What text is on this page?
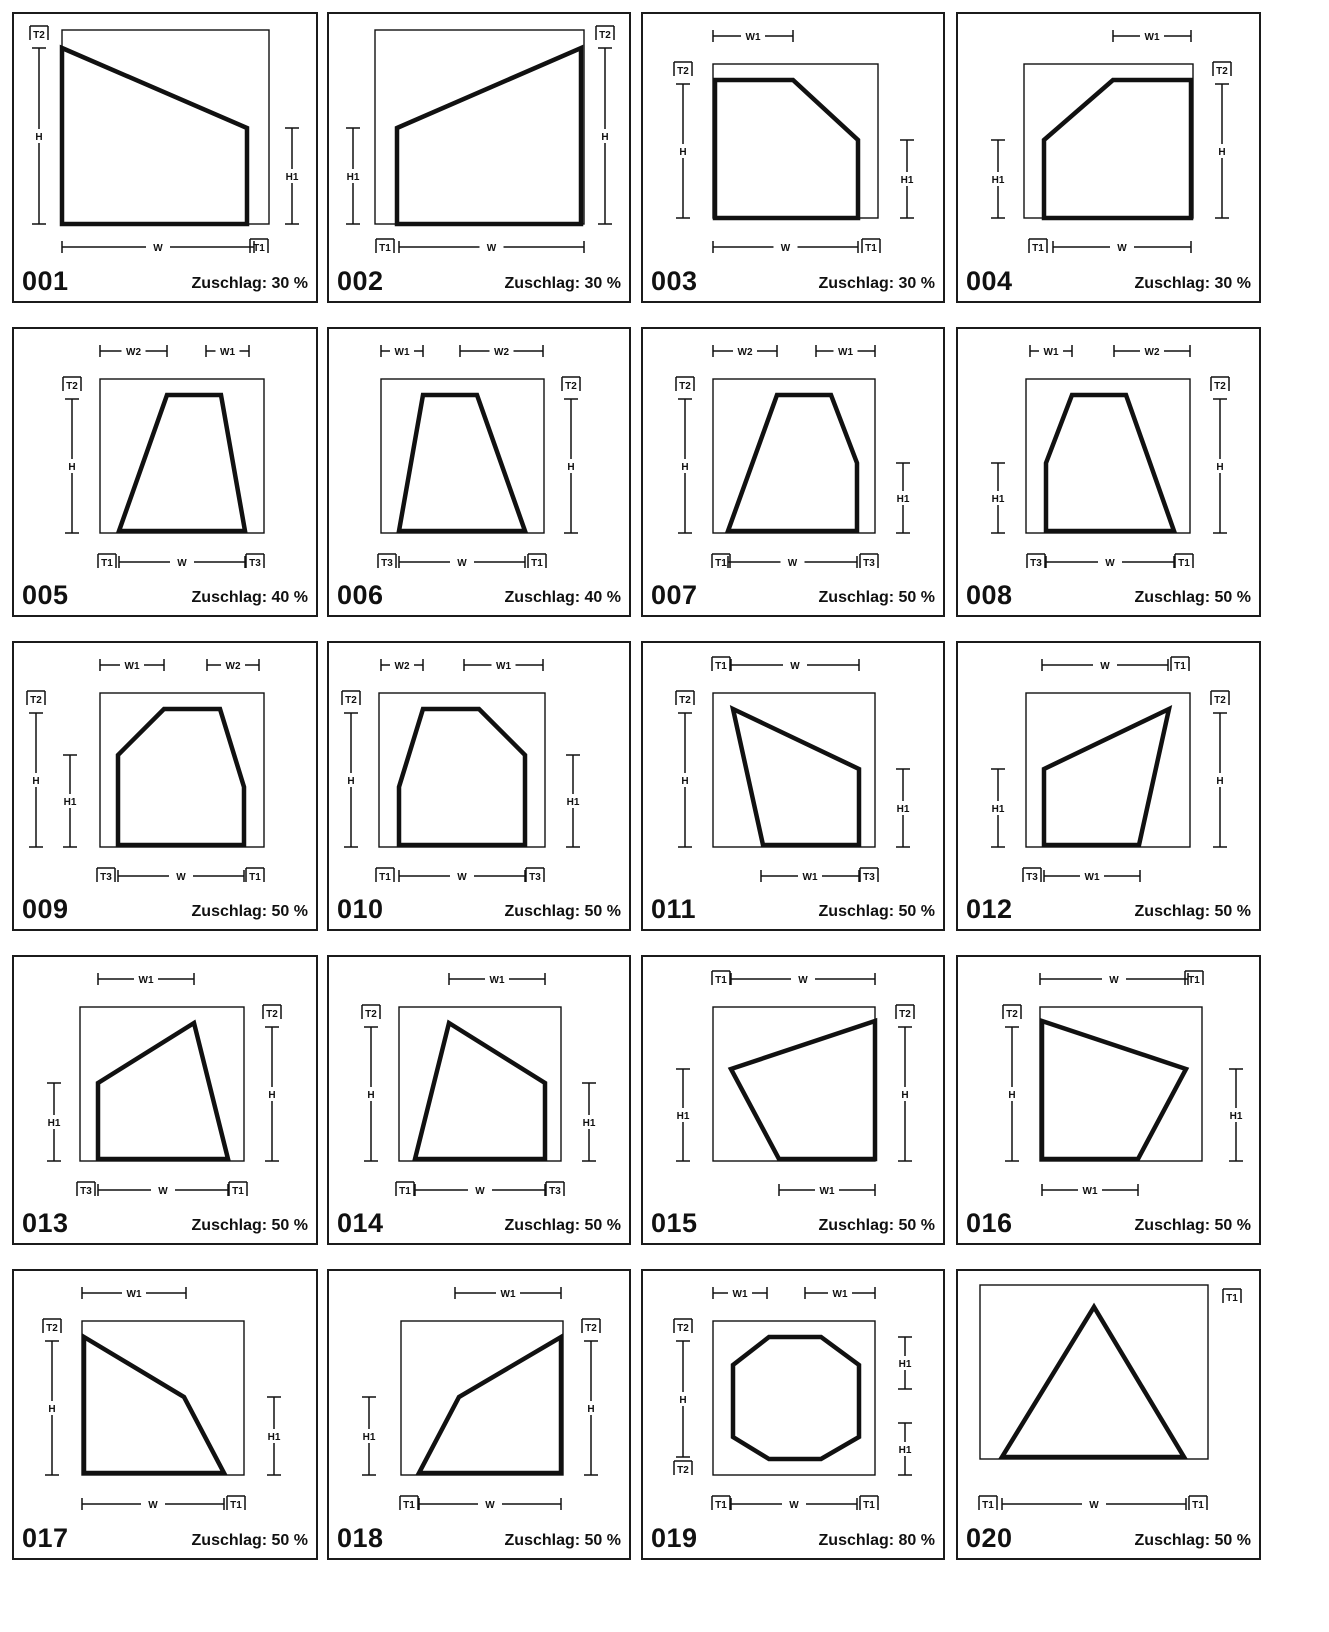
T2
H
H1
W	T1
001	Zuschlag: 30 %
T2
H
H1
T1	W
002	Zuschlag: 30 %
W1
T2
H
H1
W	T1
003	Zuschlag: 30 %
W1
T2
H
H1
T1	W
004	Zuschlag: 30 %
W2	W1
T2
H
T1	W	T3
005	Zuschlag: 40 %
W1	W2
T2
H
T3	W	T1
006	Zuschlag: 40 %
W2	W1
T2
H
H1
T1	W	T3
007	Zuschlag: 50 %
W1	W2
T2
H
H1
T3	W	T1
008	Zuschlag: 50 %
W1	W2
T2
H
H1
T3	W	T1
009	Zuschlag: 50 %
W2	W1
T2
H
H1
T1	W	T3
010	Zuschlag: 50 %
T1	W
T2
H
H1
W1	T3
011	Zuschlag: 50 %
W	T1
T2
H
H1
T3	W1
012	Zuschlag: 50 %
W1
T2
H
H1
T3	W	T1
013	Zuschlag: 50 %
W1
T2
H
H1
T1	W	T3
014	Zuschlag: 50 %
T1	W
T2
H
H1
W1
015	Zuschlag: 50 %
W	T1
T2
H
H1
W1
016	Zuschlag: 50 %
W1
T2
H
H1
W	T1
017	Zuschlag: 50 %
W1
T2
H
H1
T1	W
018	Zuschlag: 50 %
W1	W1
T2
H
T2
H1
H1
T1	W	T1
019	Zuschlag: 80 %
T1
T1	W	T1
020	Zuschlag: 50 %
